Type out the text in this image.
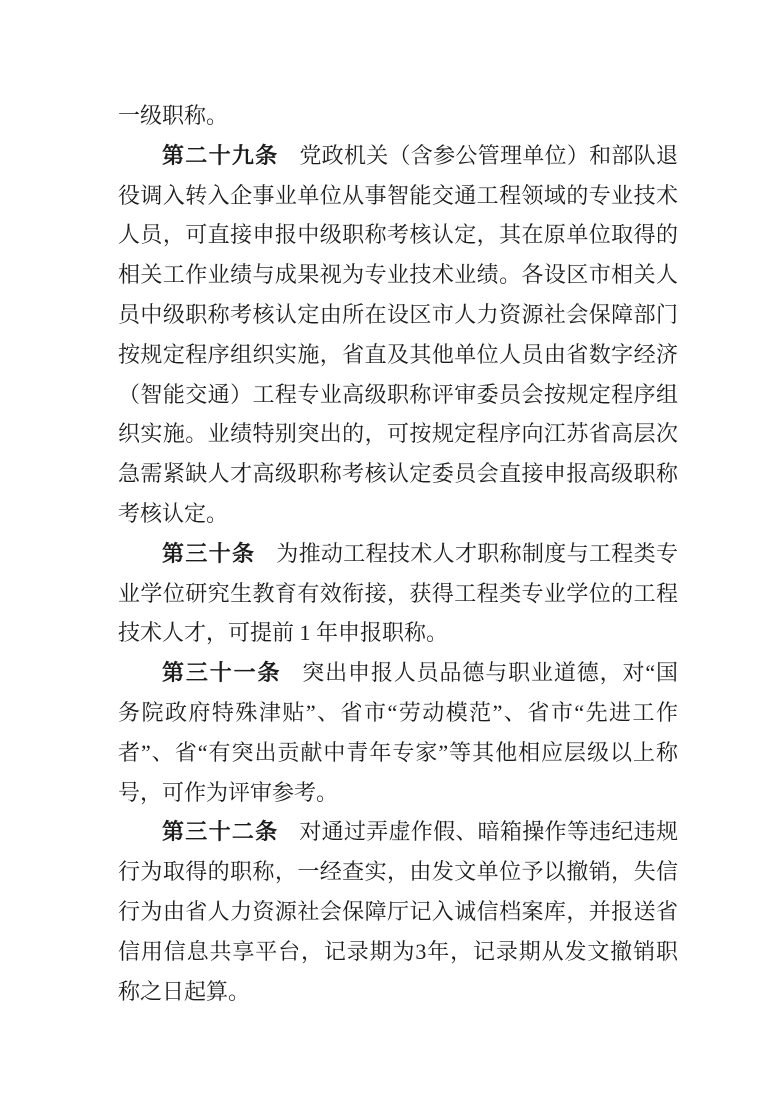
一级职称。

第二十九条 党政机关（含参公管理单位）和部队退役调入转入企事业单位从事智能交通工程领域的专业技术人员，可直接申报中级职称考核认定，其在原单位取得的相关工作业绩与成果视为专业技术业绩。各设区市相关人员中级职称考核认定由所在设区市人力资源社会保障部门按规定程序组织实施，省直及其他单位人员由省数字经济（智能交通）工程专业高级职称评审委员会按规定程序组织实施。业绩特别突出的，可按规定程序向江苏省高层次急需紧缺人才高级职称考核认定委员会直接申报高级职称考核认定。

第三十条 为推动工程技术人才职称制度与工程类专业学位研究生教育有效衔接，获得工程类专业学位的工程技术人才，可提前 1 年申报职称。

第三十一条 突出申报人员品德与职业道德，对“国务院政府特殊津贴”、省市“劳动模范”、省市“先进工作者”、省“有突出贡献中青年专家”等其他相应层级以上称号，可作为评审参考。

第三十二条 对通过弄虚作假、暗箱操作等违纪违规行为取得的职称，一经查实，由发文单位予以撤销，失信行为由省人力资源社会保障厅记入诚信档案库，并报送省信用信息共享平台，记录期为3年，记录期从发文撤销职称之日起算。
